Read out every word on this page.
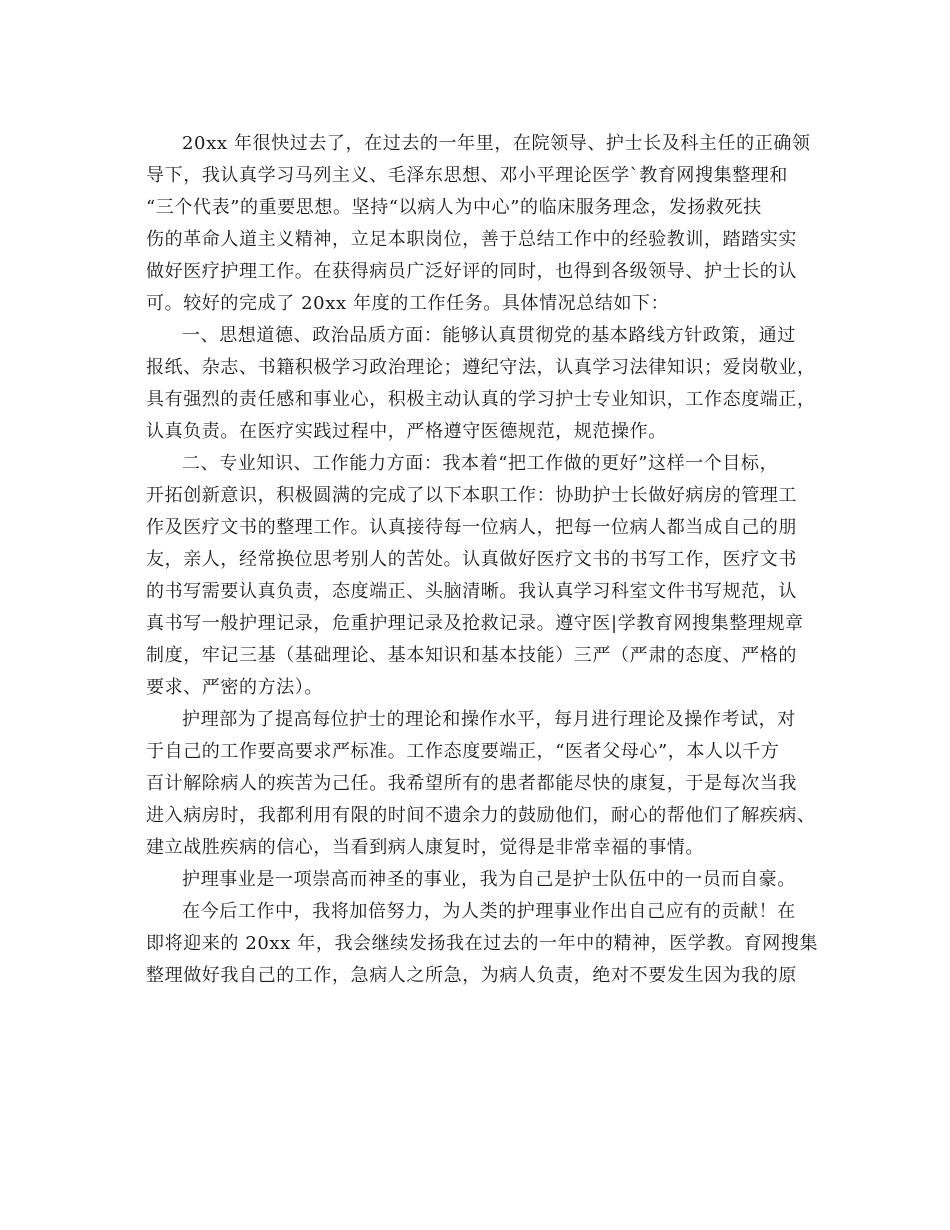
20xx 年很快过去了，在过去的一年里，在院领导、护士长及科主任的正确领
导下，我认真学习马列主义、毛泽东思想、邓小平理论医学`教育网搜集整理和
“三个代表”的重要思想。坚持“以病人为中心”的临床服务理念，发扬救死扶
伤的革命人道主义精神，立足本职岗位，善于总结工作中的经验教训，踏踏实实
做好医疗护理工作。在获得病员广泛好评的同时，也得到各级领导、护士长的认
可。较好的完成了 20xx 年度的工作任务。具体情况总结如下：
一、思想道德、政治品质方面：能够认真贯彻党的基本路线方针政策，通过
报纸、杂志、书籍积极学习政治理论；遵纪守法，认真学习法律知识；爱岗敬业，
具有强烈的责任感和事业心，积极主动认真的学习护士专业知识，工作态度端正，
认真负责。在医疗实践过程中，严格遵守医德规范，规范操作。
二、专业知识、工作能力方面：我本着“把工作做的更好”这样一个目标，
开拓创新意识，积极圆满的完成了以下本职工作：协助护士长做好病房的管理工
作及医疗文书的整理工作。认真接待每一位病人，把每一位病人都当成自己的朋
友，亲人，经常换位思考别人的苦处。认真做好医疗文书的书写工作，医疗文书
的书写需要认真负责，态度端正、头脑清晰。我认真学习科室文件书写规范，认
真书写一般护理记录，危重护理记录及抢救记录。遵守医|学教育网搜集整理规章
制度，牢记三基（基础理论、基本知识和基本技能）三严（严肃的态度、严格的
要求、严密的方法）。
护理部为了提高每位护士的理论和操作水平，每月进行理论及操作考试，对
于自己的工作要高要求严标准。工作态度要端正，“医者父母心”，本人以千方
百计解除病人的疾苦为己任。我希望所有的患者都能尽快的康复，于是每次当我
进入病房时，我都利用有限的时间不遗余力的鼓励他们，耐心的帮他们了解疾病、
建立战胜疾病的信心，当看到病人康复时，觉得是非常幸福的事情。
护理事业是一项崇高而神圣的事业，我为自己是护士队伍中的一员而自豪。
在今后工作中，我将加倍努力，为人类的护理事业作出自己应有的贡献！在
即将迎来的 20xx 年，我会继续发扬我在过去的一年中的精神，医学教。育网搜集
整理做好我自己的工作，急病人之所急，为病人负责，绝对不要发生因为我的原
